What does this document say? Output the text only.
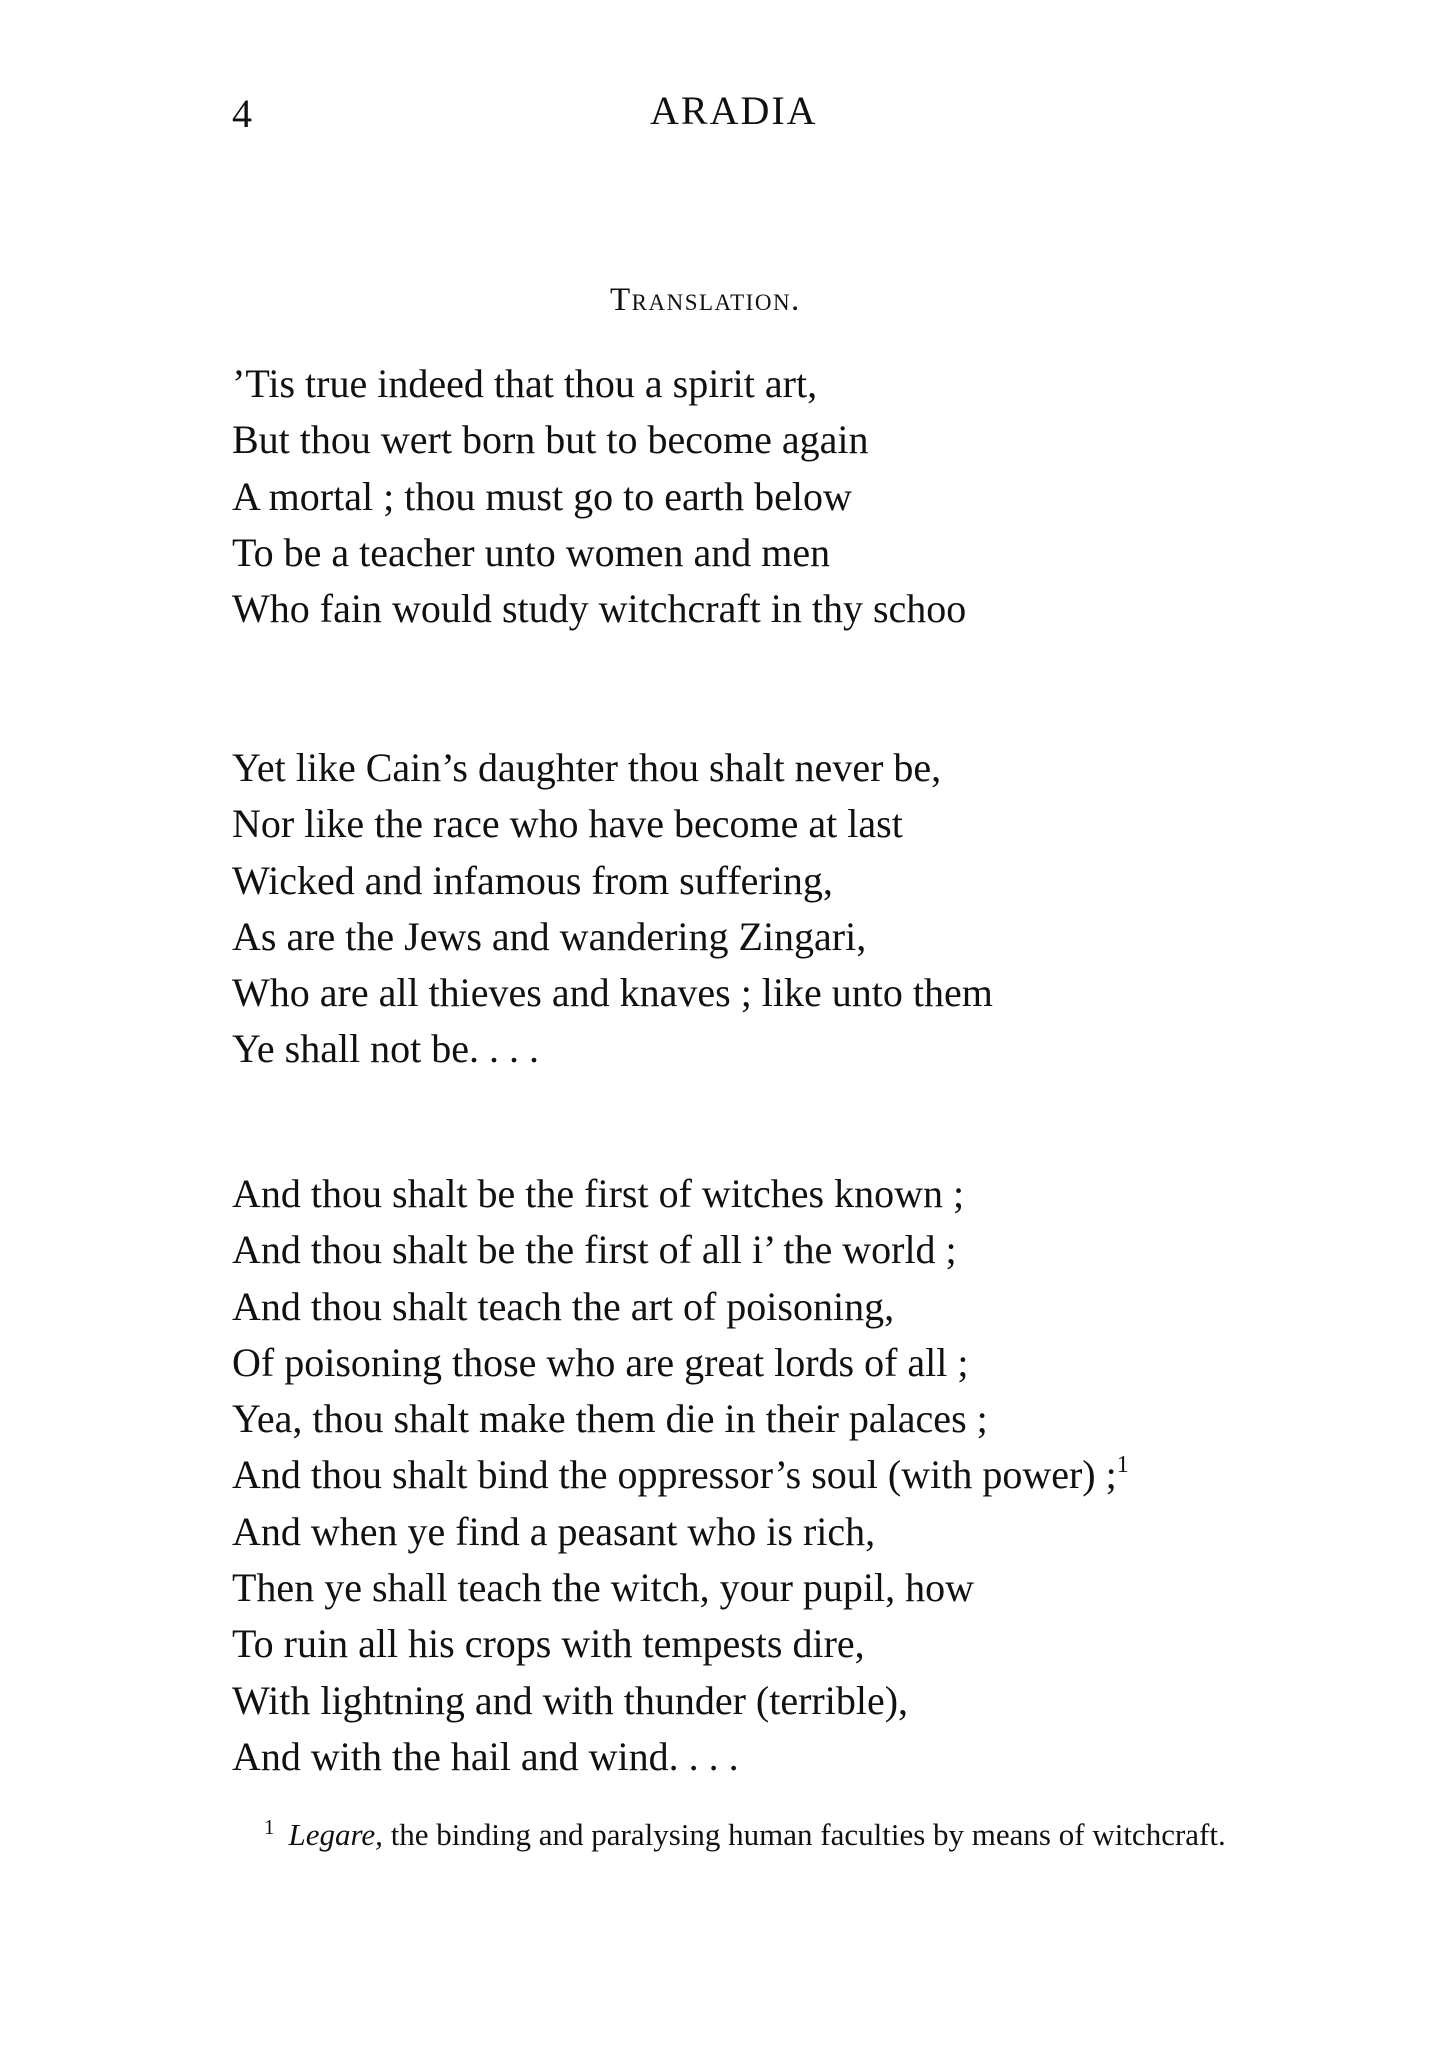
4	ARADIA
Translation.
’Tis true indeed that thou a spirit art,
But thou wert born but to become again
A mortal ; thou must go to earth below
To be a teacher unto women and men
Who fain would study witchcraft in thy schoo
Yet like Cain’s daughter thou shalt never be,
Nor like the race who have become at last
Wicked and infamous from suffering,
As are the Jews and wandering Zingari,
Who are all thieves and knaves ; like unto them
Ye shall not be. . . .
And thou shalt be the first of witches known ;
And thou shalt be the first of all i’ the world ;
And thou shalt teach the art of poisoning,
Of poisoning those who are great lords of all ;
Yea, thou shalt make them die in their palaces ;
And thou shalt bind the oppressor’s soul (with power) ;$^1$
And when ye find a peasant who is rich,
Then ye shall teach the witch, your pupil, how
To ruin all his crops with tempests dire,
With lightning and with thunder (terrible),
And with the hail and wind. . . .
$^1$ Legare, the binding and paralysing human faculties by means of witchcraft.
